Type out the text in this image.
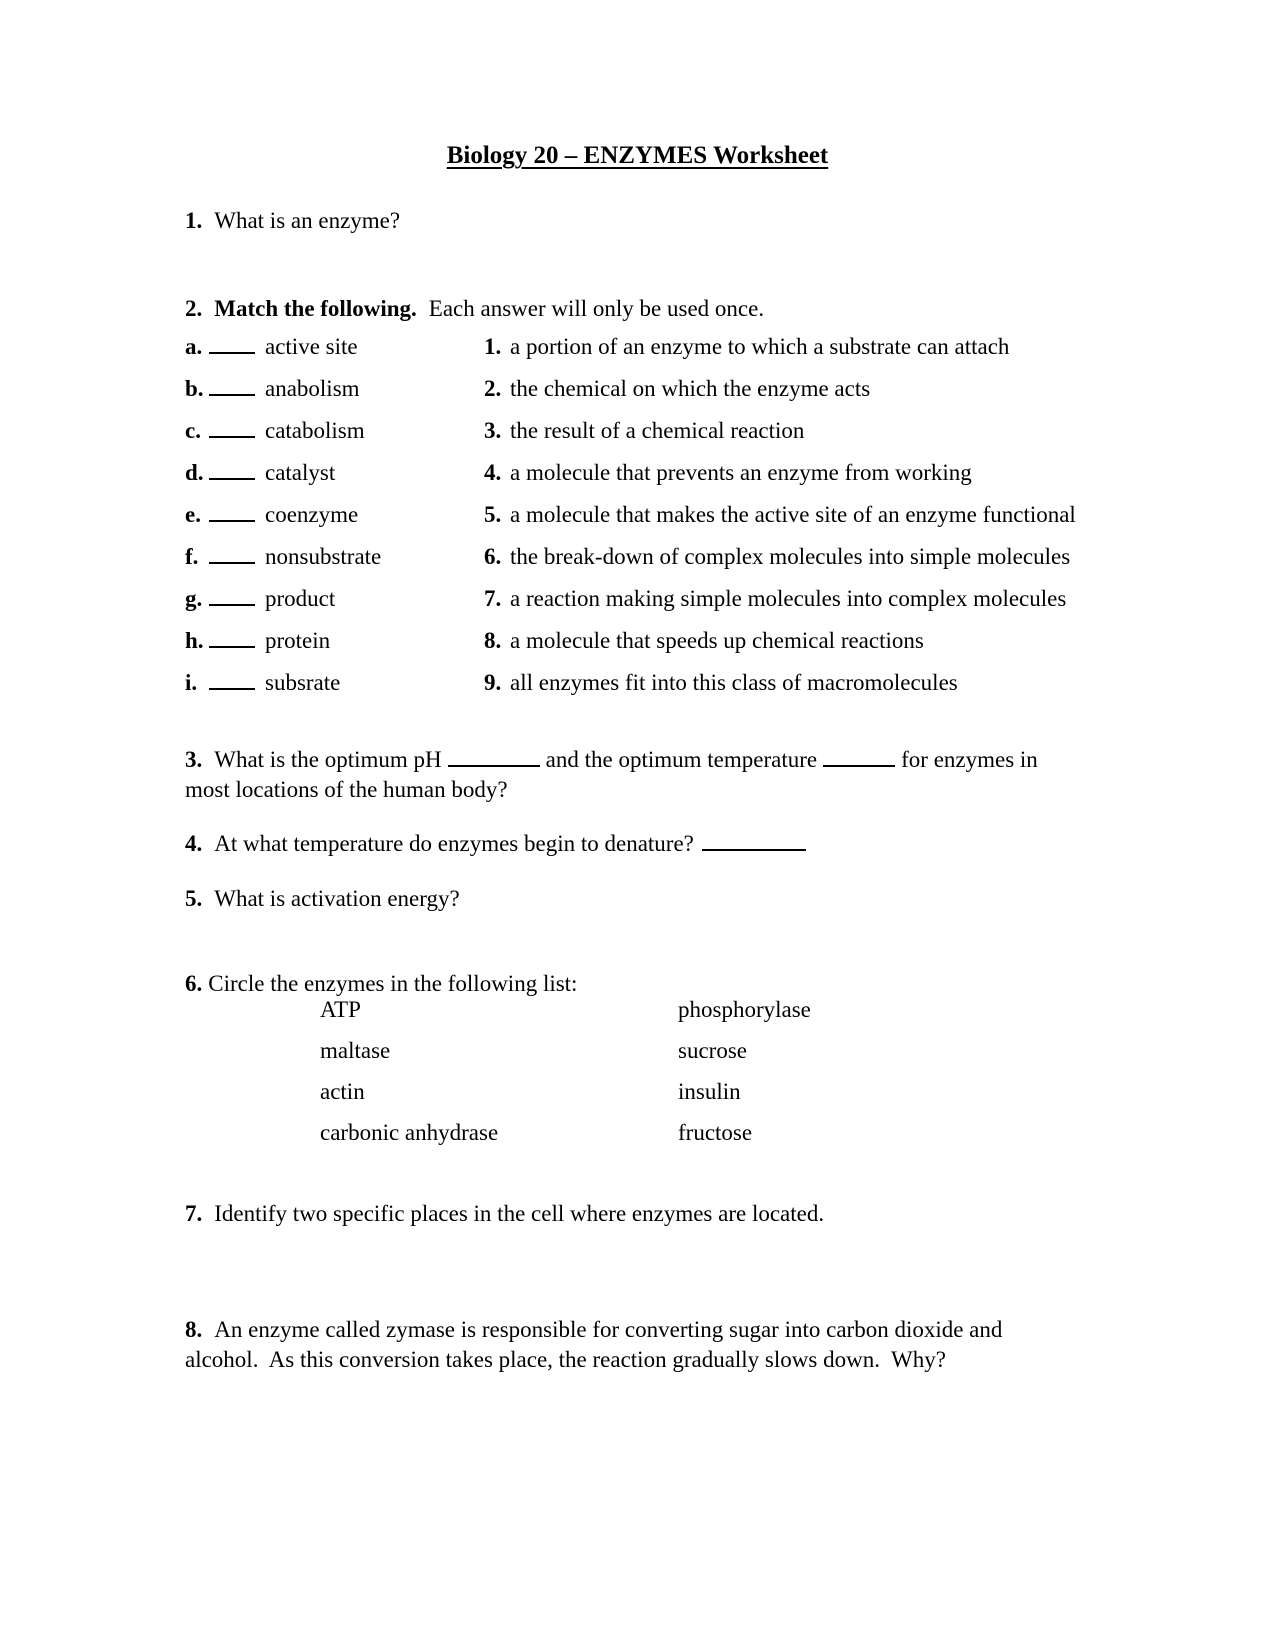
Biology 20 – ENZYMES Worksheet
1. What is an enzyme?
2. Match the following. Each answer will only be used once.
a.	active site	1. a portion of an enzyme to which a substrate can attach
b.	anabolism	2. the chemical on which the enzyme acts
c.	catabolism	3. the result of a chemical reaction
d.	catalyst	4. a molecule that prevents an enzyme from working
e.	coenzyme	5. a molecule that makes the active site of an enzyme functional
f.	nonsubstrate	6. the break-down of complex molecules into simple molecules
g.	product	7. a reaction making simple molecules into complex molecules
h.	protein	8. a molecule that speeds up chemical reactions
i.	subsrate	9. all enzymes fit into this class of macromolecules
3. What is the optimum pH	and the optimum temperature	for enzymes in
most locations of the human body?
4. At what temperature do enzymes begin to denature?
5. What is activation energy?
6. Circle the enzymes in the following list:
ATP	phosphorylase
maltase	sucrose
actin	insulin
carbonic anhydrase	fructose
7. Identify two specific places in the cell where enzymes are located.
8. An enzyme called zymase is responsible for converting sugar into carbon dioxide and
alcohol.  As this conversion takes place, the reaction gradually slows down.  Why?
